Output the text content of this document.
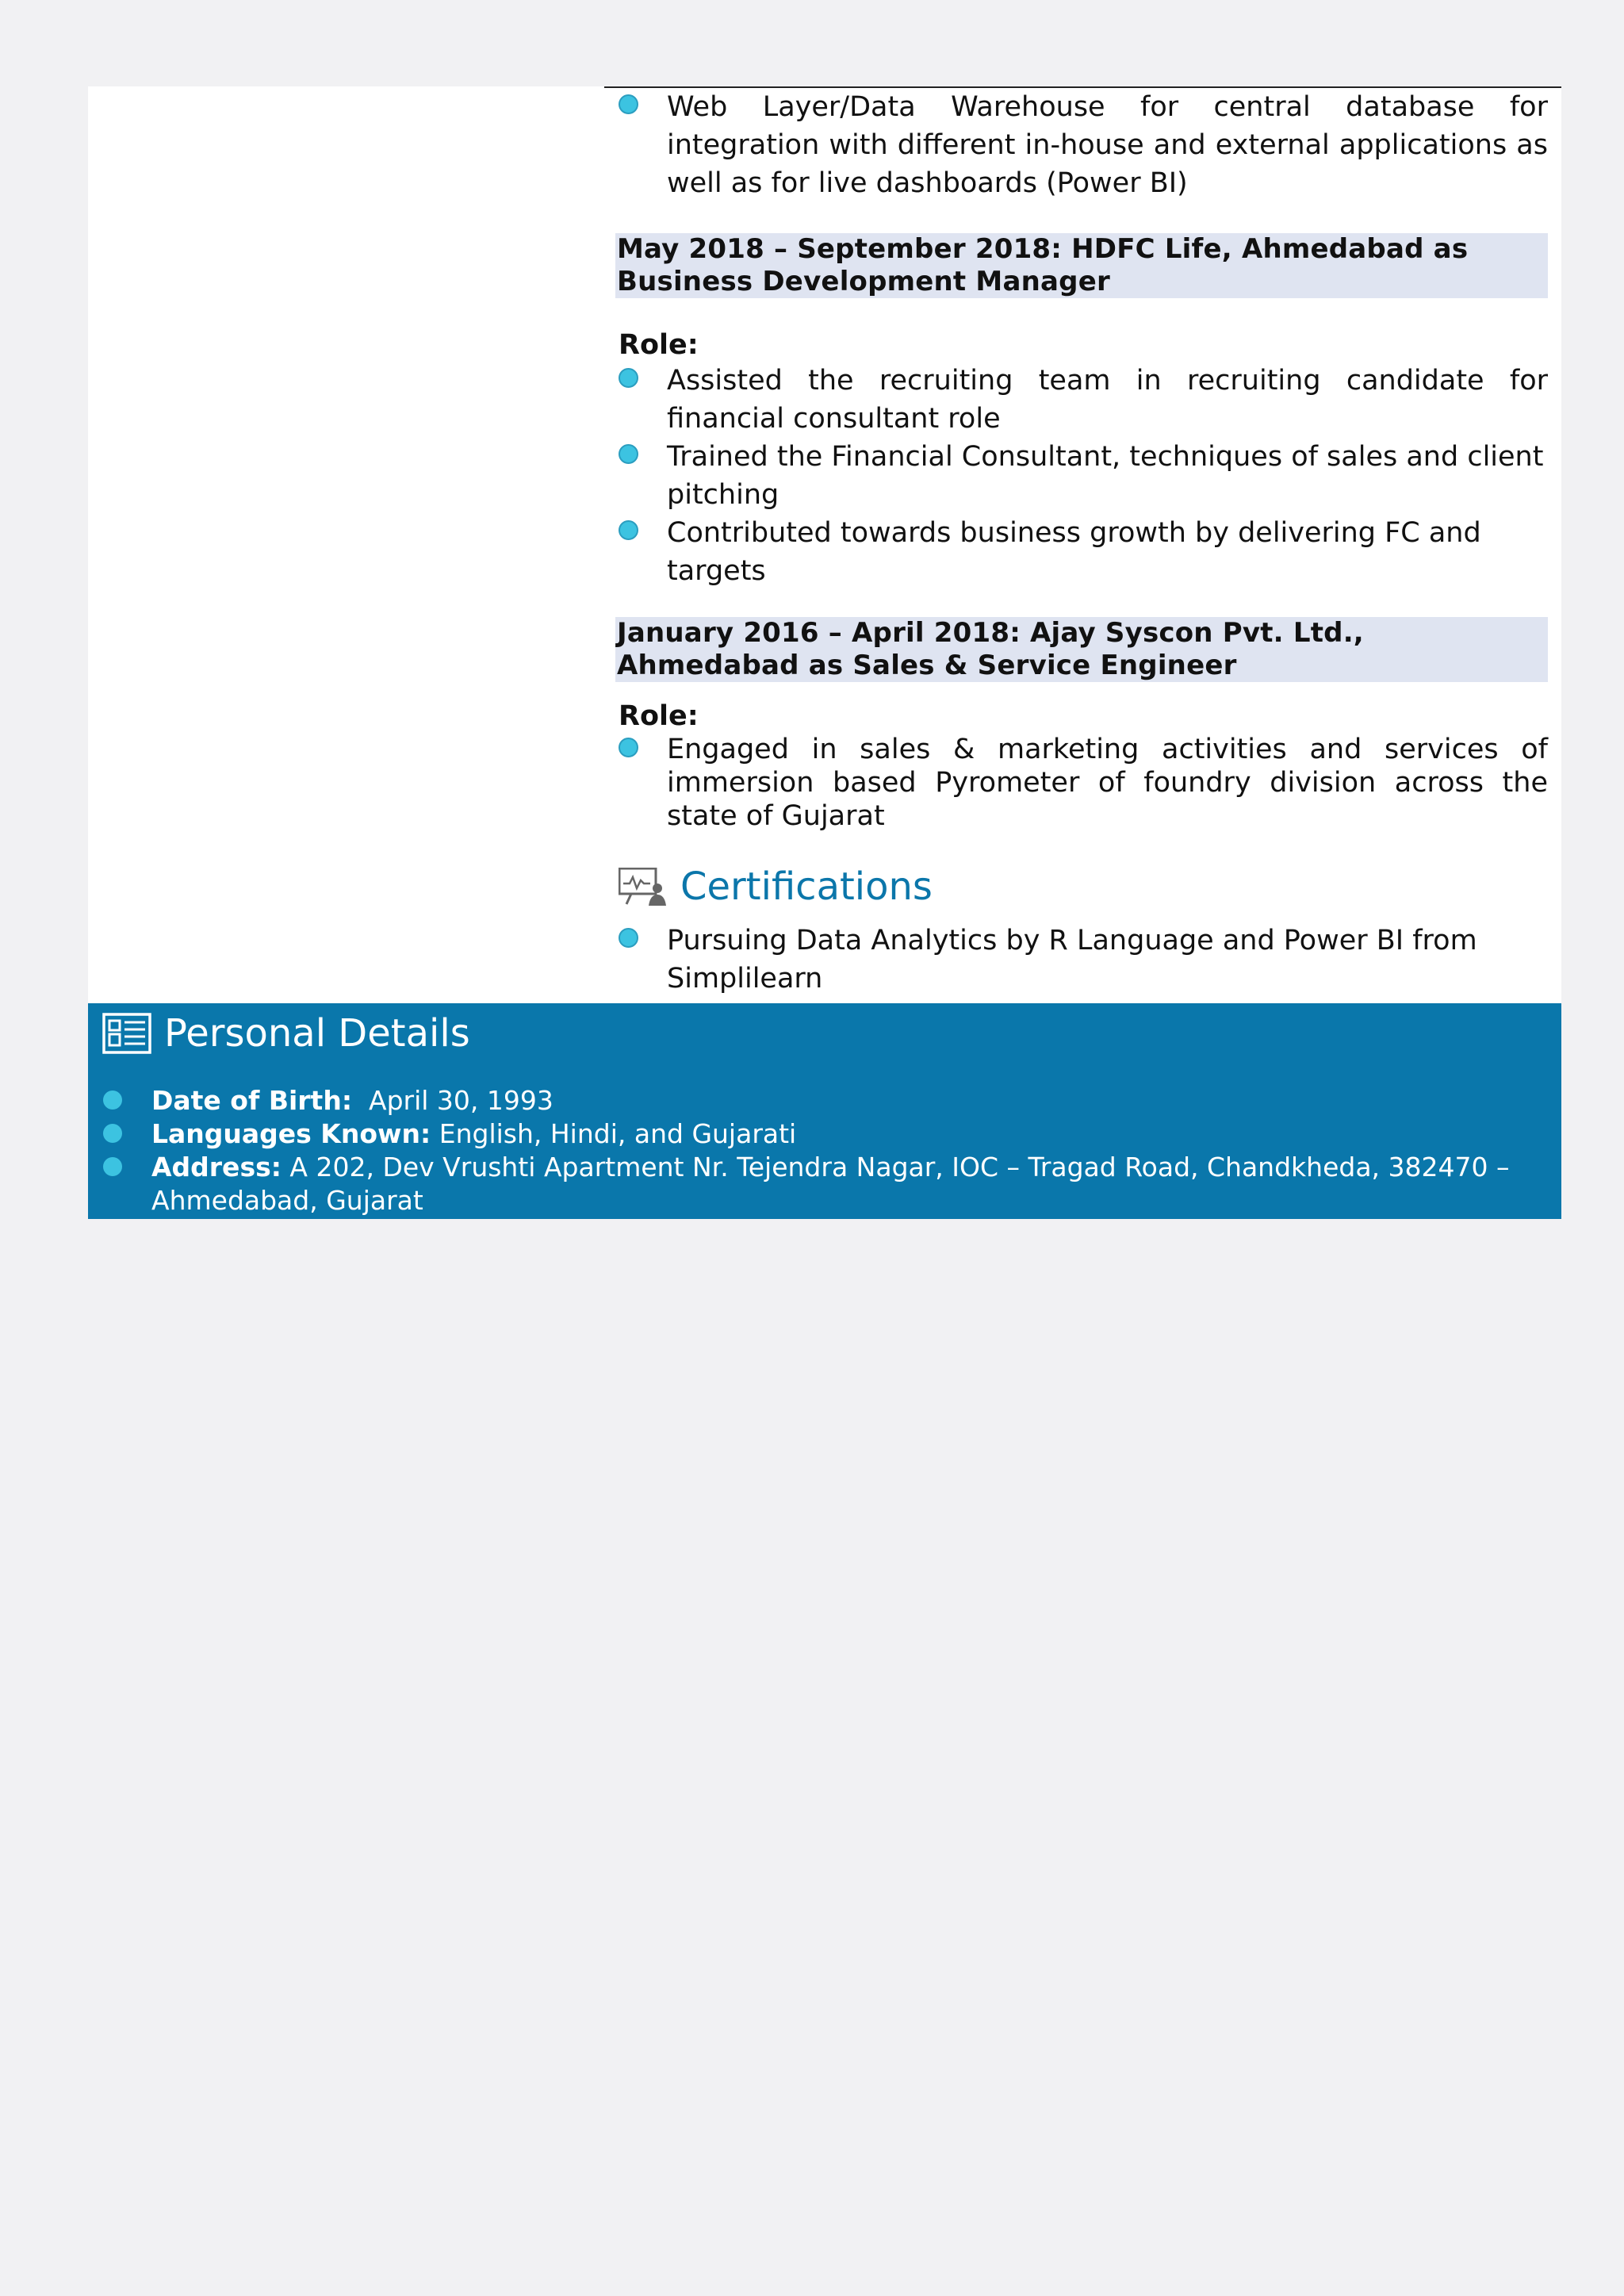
Web Layer/Data Warehouse for central database for integration with different in-house and external applications as well as for live dashboards (Power BI)
May 2018 – September 2018: HDFC Life, Ahmedabad as Business Development Manager
Role:
Assisted the recruiting team in recruiting candidate for financial consultant role
Trained the Financial Consultant, techniques of sales and client pitching
Contributed towards business growth by delivering FC and targets
January 2016 – April 2018: Ajay Syscon Pvt. Ltd., Ahmedabad as Sales & Service Engineer
Role:
Engaged in sales & marketing activities and services of immersion based Pyrometer of foundry division across the state of Gujarat
Certifications
Pursuing Data Analytics by R Language and Power BI from Simplilearn
Personal Details
Date of Birth: April 30, 1993
Languages Known: English, Hindi, and Gujarati
Address: A 202, Dev Vrushti Apartment Nr. Tejendra Nagar, IOC – Tragad Road, Chandkheda, 382470 – Ahmedabad, Gujarat
